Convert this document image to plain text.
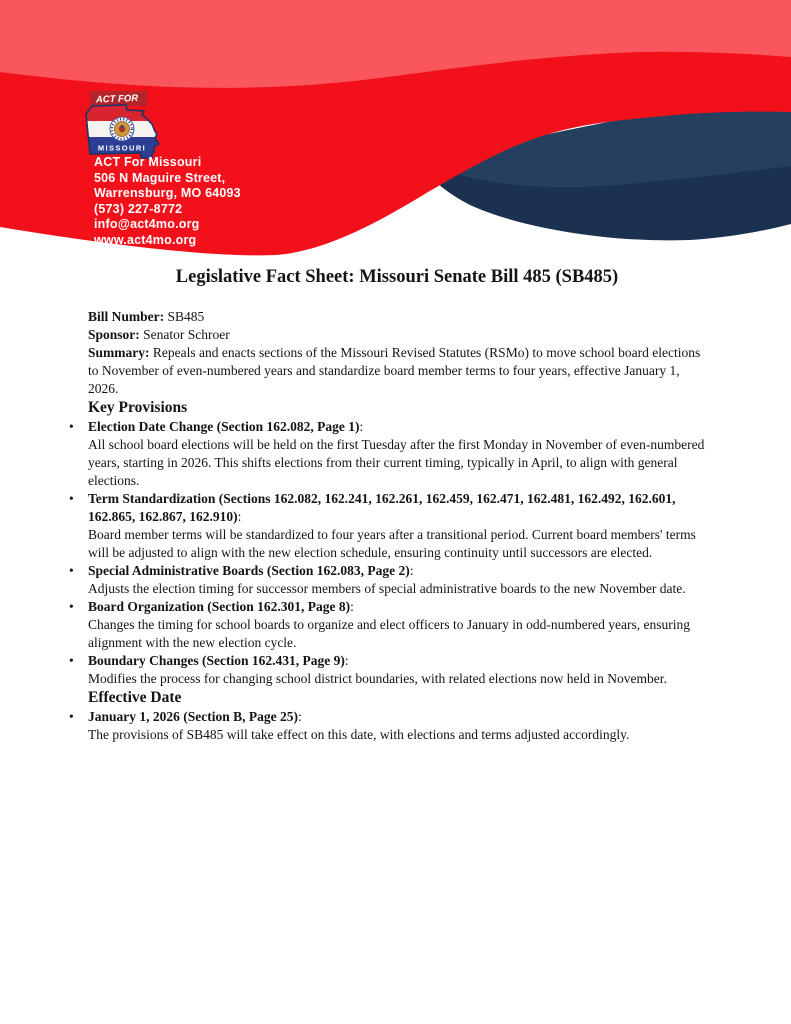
ACT FOR
MISSOURI
ACT For Missouri
506 N Maguire Street,
Warrensburg, MO 64093
(573) 227-8772
info@act4mo.org
www.act4mo.org
Legislative Fact Sheet: Missouri Senate Bill 485 (SB485)
Bill Number: SB485
Sponsor: Senator Schroer
Summary: Repeals and enacts sections of the Missouri Revised Statutes (RSMo) to move school board elections to November of even-numbered years and standardize board member terms to four years, effective January 1, 2026.
Key Provisions
• Election Date Change (Section 162.082, Page 1):
All school board elections will be held on the first Tuesday after the first Monday in November of even-numbered years, starting in 2026. This shifts elections from their current timing, typically in April, to align with general elections.
• Term Standardization (Sections 162.082, 162.241, 162.261, 162.459, 162.471, 162.481, 162.492, 162.601, 162.865, 162.867, 162.910):
Board member terms will be standardized to four years after a transitional period. Current board members' terms will be adjusted to align with the new election schedule, ensuring continuity until successors are elected.
• Special Administrative Boards (Section 162.083, Page 2):
Adjusts the election timing for successor members of special administrative boards to the new November date.
• Board Organization (Section 162.301, Page 8):
Changes the timing for school boards to organize and elect officers to January in odd-numbered years, ensuring alignment with the new election cycle.
• Boundary Changes (Section 162.431, Page 9):
Modifies the process for changing school district boundaries, with related elections now held in November.
Effective Date
• January 1, 2026 (Section B, Page 25):
The provisions of SB485 will take effect on this date, with elections and terms adjusted accordingly.
